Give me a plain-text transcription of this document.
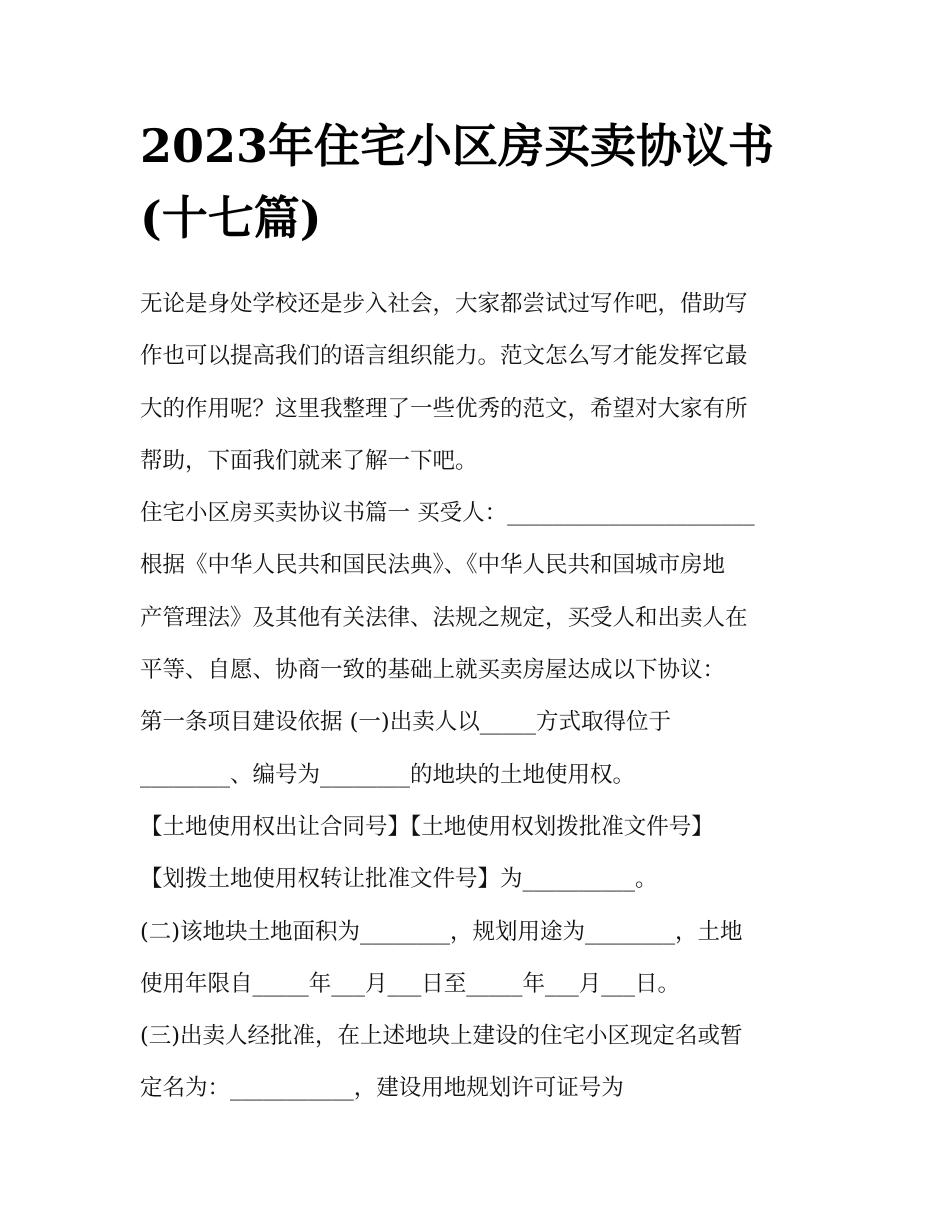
2023年住宅小区房买卖协议书
(十七篇)

无论是身处学校还是步入社会，大家都尝试过写作吧，借助写

作也可以提高我们的语言组织能力。范文怎么写才能发挥它最

大的作用呢？这里我整理了一些优秀的范文，希望对大家有所

帮助，下面我们就来了解一下吧。

住宅小区房买卖协议书篇一 买受人：______________________

根据《中华人民共和国民法典》、《中华人民共和国城市房地

产管理法》及其他有关法律、法规之规定，买受人和出卖人在

平等、自愿、协商一致的基础上就买卖房屋达成以下协议：

第一条项目建设依据 (一)出卖人以_____方式取得位于

________、编号为________的地块的土地使用权。

【土地使用权出让合同号】【土地使用权划拨批准文件号】

【划拨土地使用权转让批准文件号】为__________。

(二)该地块土地面积为________，规划用途为________，土地

使用年限自_____年___月___日至_____年___月___日。

(三)出卖人经批准，在上述地块上建设的住宅小区现定名或暂

定名为：___________，建设用地规划许可证号为
